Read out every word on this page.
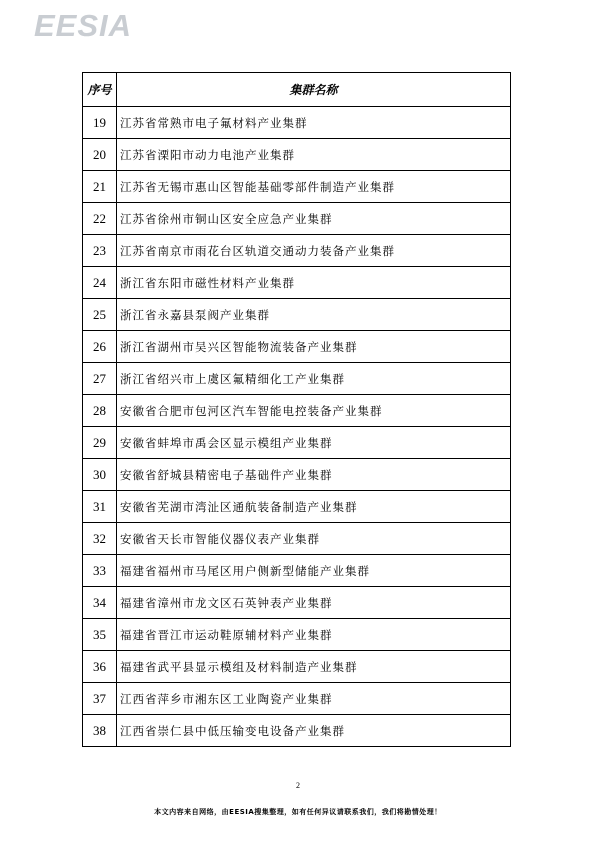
EESIA
序号	集群名称
19	江苏省常熟市电子氟材料产业集群
20	江苏省溧阳市动力电池产业集群
21	江苏省无锡市惠山区智能基础零部件制造产业集群
22	江苏省徐州市铜山区安全应急产业集群
23	江苏省南京市雨花台区轨道交通动力装备产业集群
24	浙江省东阳市磁性材料产业集群
25	浙江省永嘉县泵阀产业集群
26	浙江省湖州市吴兴区智能物流装备产业集群
27	浙江省绍兴市上虞区氟精细化工产业集群
28	安徽省合肥市包河区汽车智能电控装备产业集群
29	安徽省蚌埠市禹会区显示模组产业集群
30	安徽省舒城县精密电子基础件产业集群
31	安徽省芜湖市湾沚区通航装备制造产业集群
32	安徽省天长市智能仪器仪表产业集群
33	福建省福州市马尾区用户侧新型储能产业集群
34	福建省漳州市龙文区石英钟表产业集群
35	福建省晋江市运动鞋原辅材料产业集群
36	福建省武平县显示模组及材料制造产业集群
37	江西省萍乡市湘东区工业陶瓷产业集群
38	江西省崇仁县中低压输变电设备产业集群
2
本文内容来自网络，由EESIA搜集整理，如有任何异议请联系我们，我们将勘情处理！
